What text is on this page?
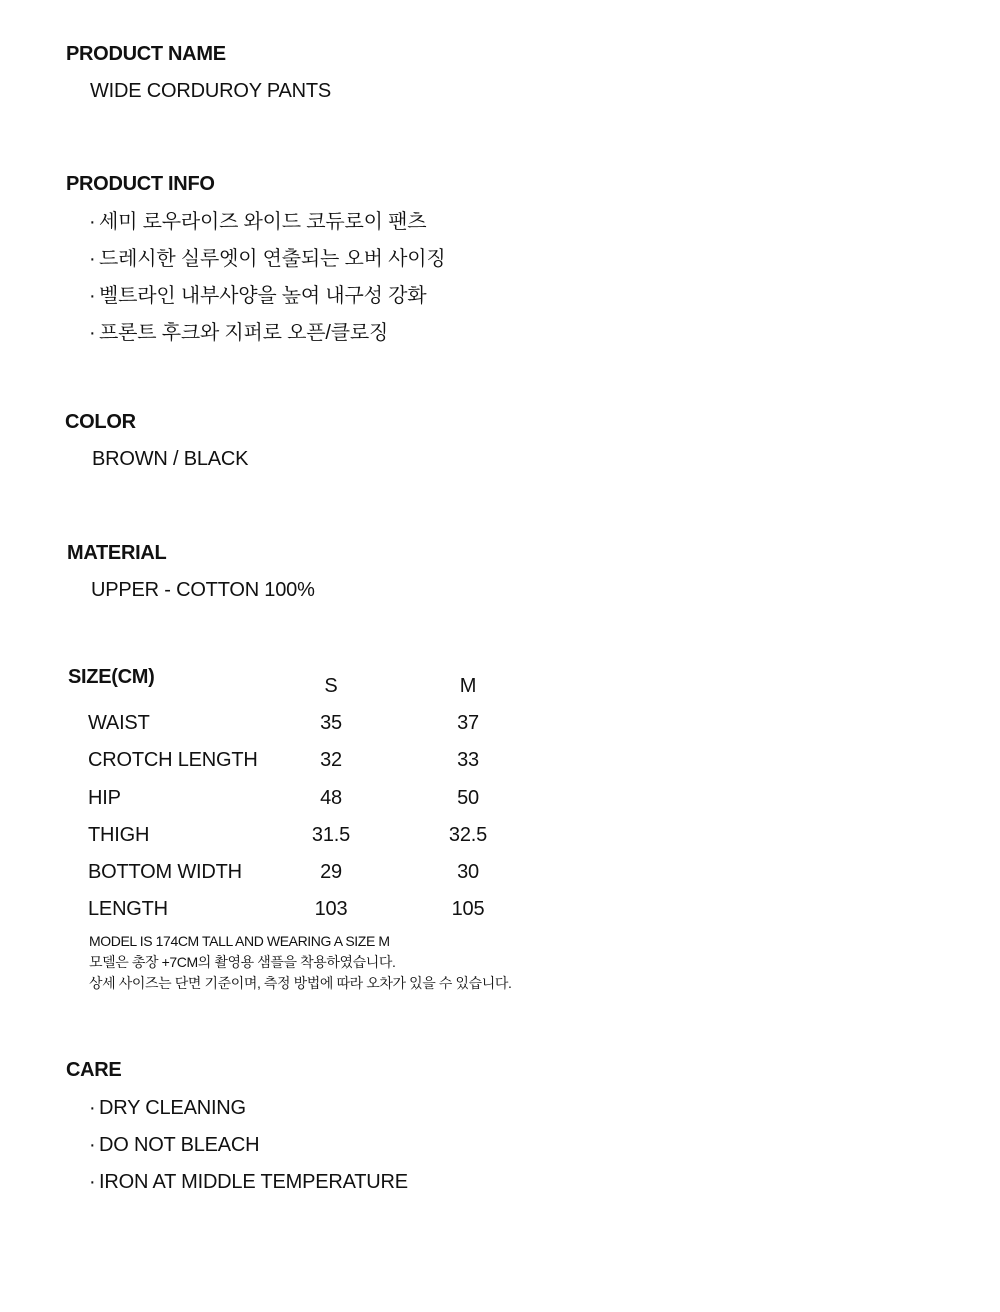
PRODUCT NAME

WIDE CORDUROY PANTS

PRODUCT INFO
· 세미 로우라이즈 와이드 코듀로이 팬츠
· 드레시한 실루엣이 연출되는 오버 사이징
· 벨트라인 내부사양을 높여 내구성 강화
· 프론트 후크와 지퍼로 오픈/클로징
COLOR

BROWN / BLACK

MATERIAL

UPPER - COTTON 100%

SIZE(CM)
		S	M
WAIST	35	37
CROTCH LENGTH	32	33
HIP	48	50
THIGH	31.5	32.5
BOTTOM WIDTH	29	30
LENGTH	103	105
MODEL IS 174CM TALL AND WEARING A SIZE M
모델은 총장 +7CM의 촬영용 샘플을 착용하였습니다.
상세 사이즈는 단면 기준이며, 측정 방법에 따라 오차가 있을 수 있습니다.
CARE
· DRY CLEANING
· DO NOT BLEACH
· IRON AT MIDDLE TEMPERATURE
